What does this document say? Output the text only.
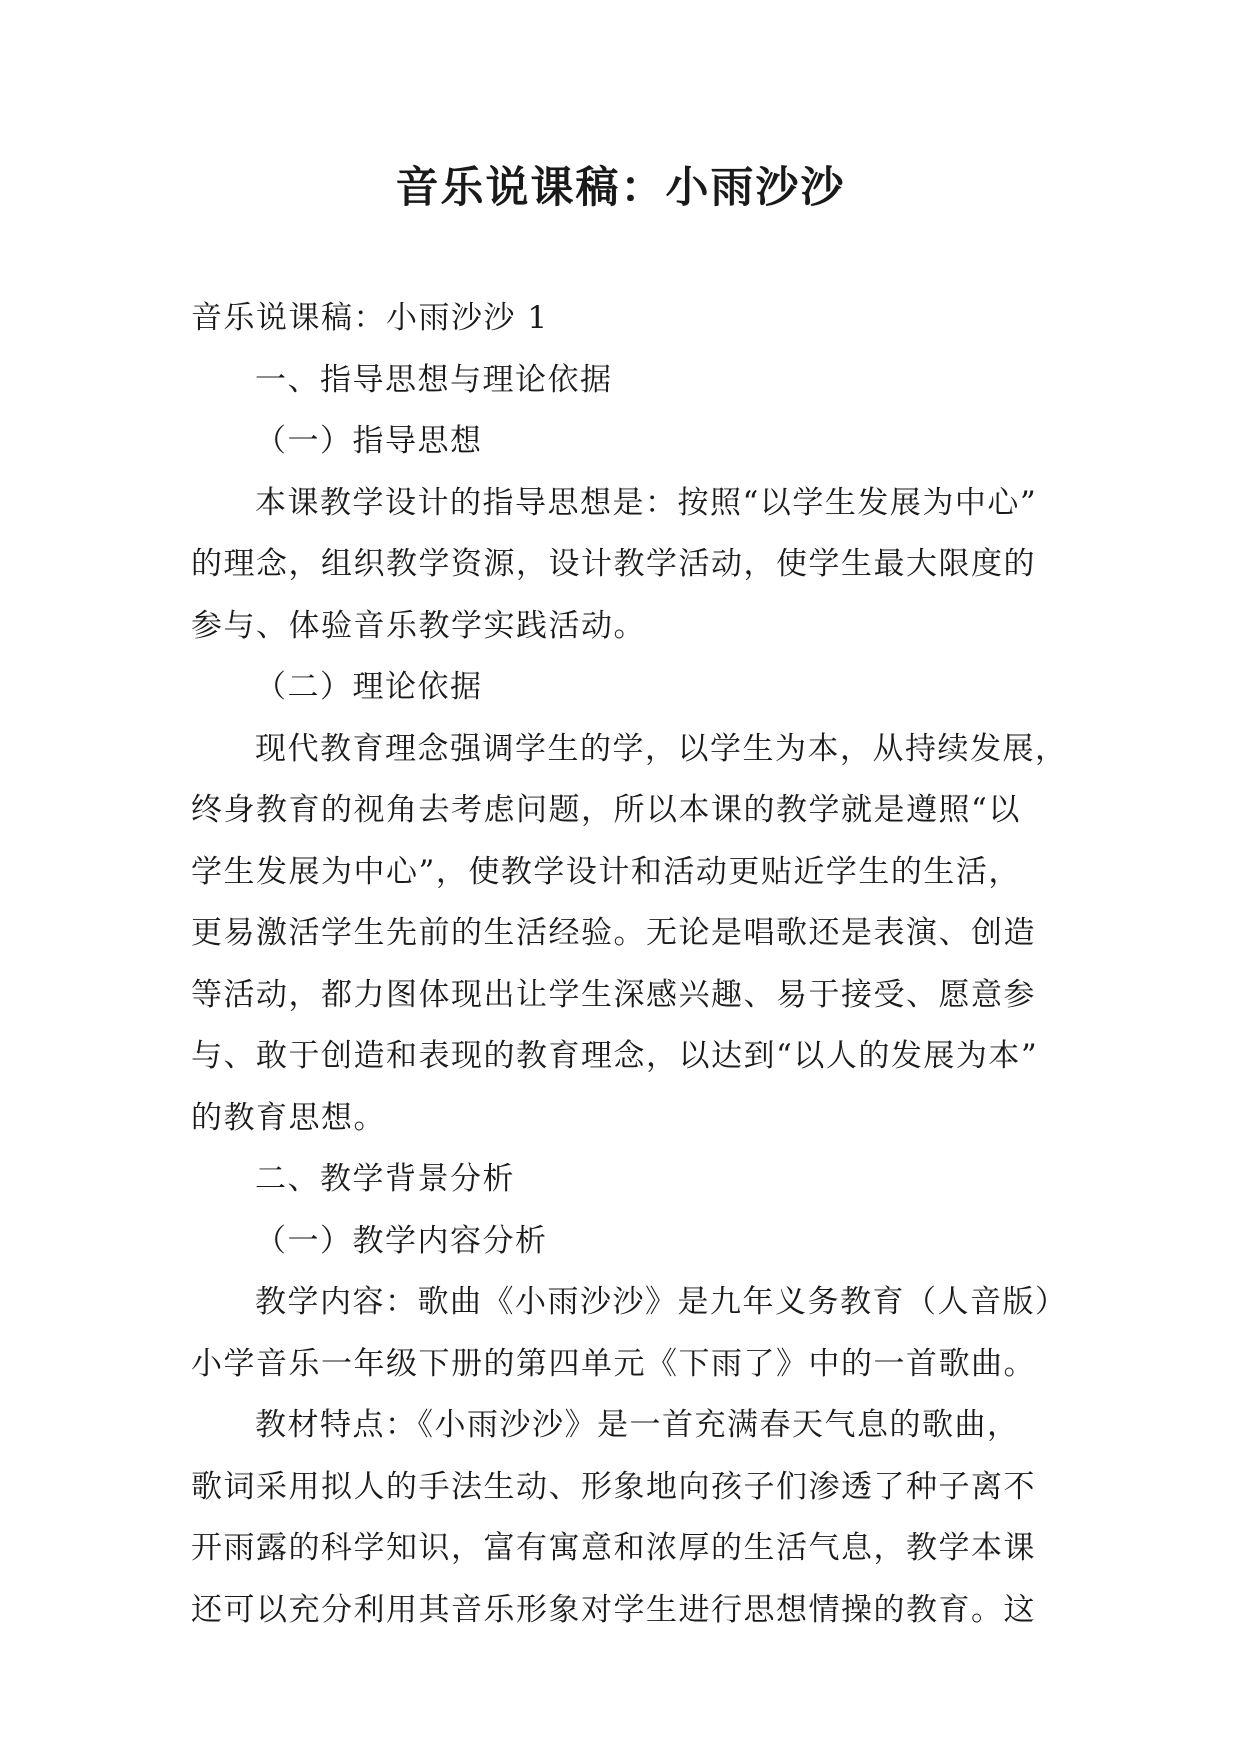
音乐说课稿：小雨沙沙
音乐说课稿：小雨沙沙 1
一、指导思想与理论依据
（一）指导思想
本课教学设计的指导思想是：按照“以学生发展为中心”
的理念，组织教学资源，设计教学活动，使学生最大限度的
参与、体验音乐教学实践活动。
（二）理论依据
现代教育理念强调学生的学，以学生为本，从持续发展，
终身教育的视角去考虑问题，所以本课的教学就是遵照“以
学生发展为中心”，使教学设计和活动更贴近学生的生活，
更易激活学生先前的生活经验。无论是唱歌还是表演、创造
等活动，都力图体现出让学生深感兴趣、易于接受、愿意参
与、敢于创造和表现的教育理念，以达到“以人的发展为本”
的教育思想。
二、教学背景分析
（一）教学内容分析
教学内容：歌曲《小雨沙沙》是九年义务教育（人音版）
小学音乐一年级下册的第四单元《下雨了》中的一首歌曲。
教材特点：《小雨沙沙》是一首充满春天气息的歌曲，
歌词采用拟人的手法生动、形象地向孩子们渗透了种子离不
开雨露的科学知识，富有寓意和浓厚的生活气息，教学本课
还可以充分利用其音乐形象对学生进行思想情操的教育。这
